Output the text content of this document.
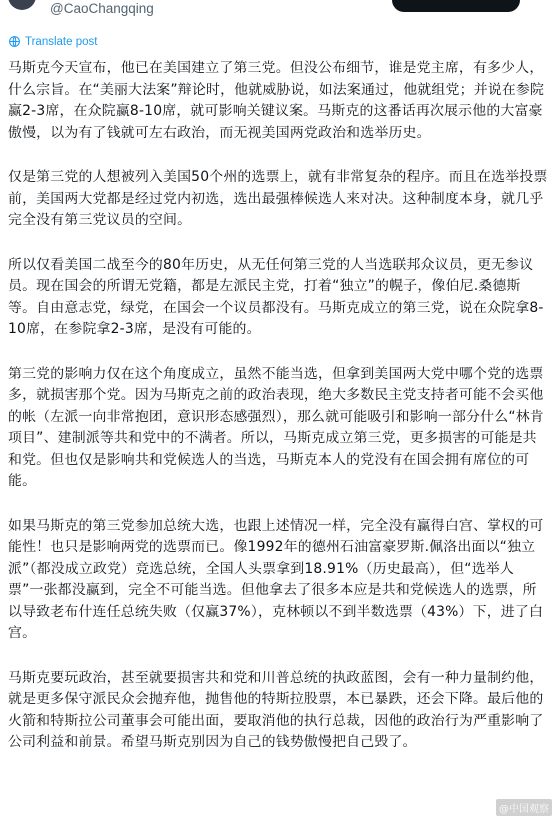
@CaoChangqing
Translate post

马斯克今天宣布，他已在美国建立了第三党。但没公布细节，谁是党主席，有多少人，什么宗旨。在“美丽大法案”辩论时，他就威胁说，如法案通过，他就组党；并说在参院赢2-3席，在众院赢8-10席，就可影响关键议案。马斯克的这番话再次展示他的大富豪傲慢，以为有了钱就可左右政治，而无视美国两党政治和选举历史。

仅是第三党的人想被列入美国50个州的选票上，就有非常复杂的程序。而且在选举投票前，美国两大党都是经过党内初选，选出最强棒候选人来对决。这种制度本身，就几乎完全没有第三党议员的空间。

所以仅看美国二战至今的80年历史，从无任何第三党的人当选联邦众议员，更无参议员。现在国会的所谓无党籍，都是左派民主党，打着“独立”的幌子，像伯尼.桑德斯等。自由意志党，绿党，在国会一个议员都没有。马斯克成立的第三党，说在众院拿8-10席，在参院拿2-3席，是没有可能的。

第三党的影响力仅在这个角度成立，虽然不能当选，但拿到美国两大党中哪个党的选票多，就损害那个党。因为马斯克之前的政治表现，绝大多数民主党支持者可能不会买他的帐（左派一向非常抱团，意识形态感强烈），那么就可能吸引和影响一部分什么“林肯项目”、建制派等共和党中的不满者。所以，马斯克成立第三党，更多损害的可能是共和党。但也仅是影响共和党候选人的当选，马斯克本人的党没有在国会拥有席位的可能。

如果马斯克的第三党参加总统大选，也跟上述情况一样，完全没有赢得白宫、掌权的可能性！也只是影响两党的选票而已。像1992年的德州石油富豪罗斯.佩洛出面以“独立派”（都没成立政党）竞选总统，全国人头票拿到18.91%（历史最高），但“选举人票”一张都没赢到，完全不可能当选。但他拿去了很多本应是共和党候选人的选票，所以导致老布什连任总统失败（仅赢37%），克林顿以不到半数选票（43%）下，进了白宫。

马斯克要玩政治，甚至就要损害共和党和川普总统的执政蓝图，会有一种力量制约他，就是更多保守派民众会抛弃他，抛售他的特斯拉股票，本已暴跌，还会下降。最后他的火箭和特斯拉公司董事会可能出面，要取消他的执行总裁，因他的政治行为严重影响了公司利益和前景。希望马斯克别因为自己的钱势傲慢把自己毁了。

@中国观察
